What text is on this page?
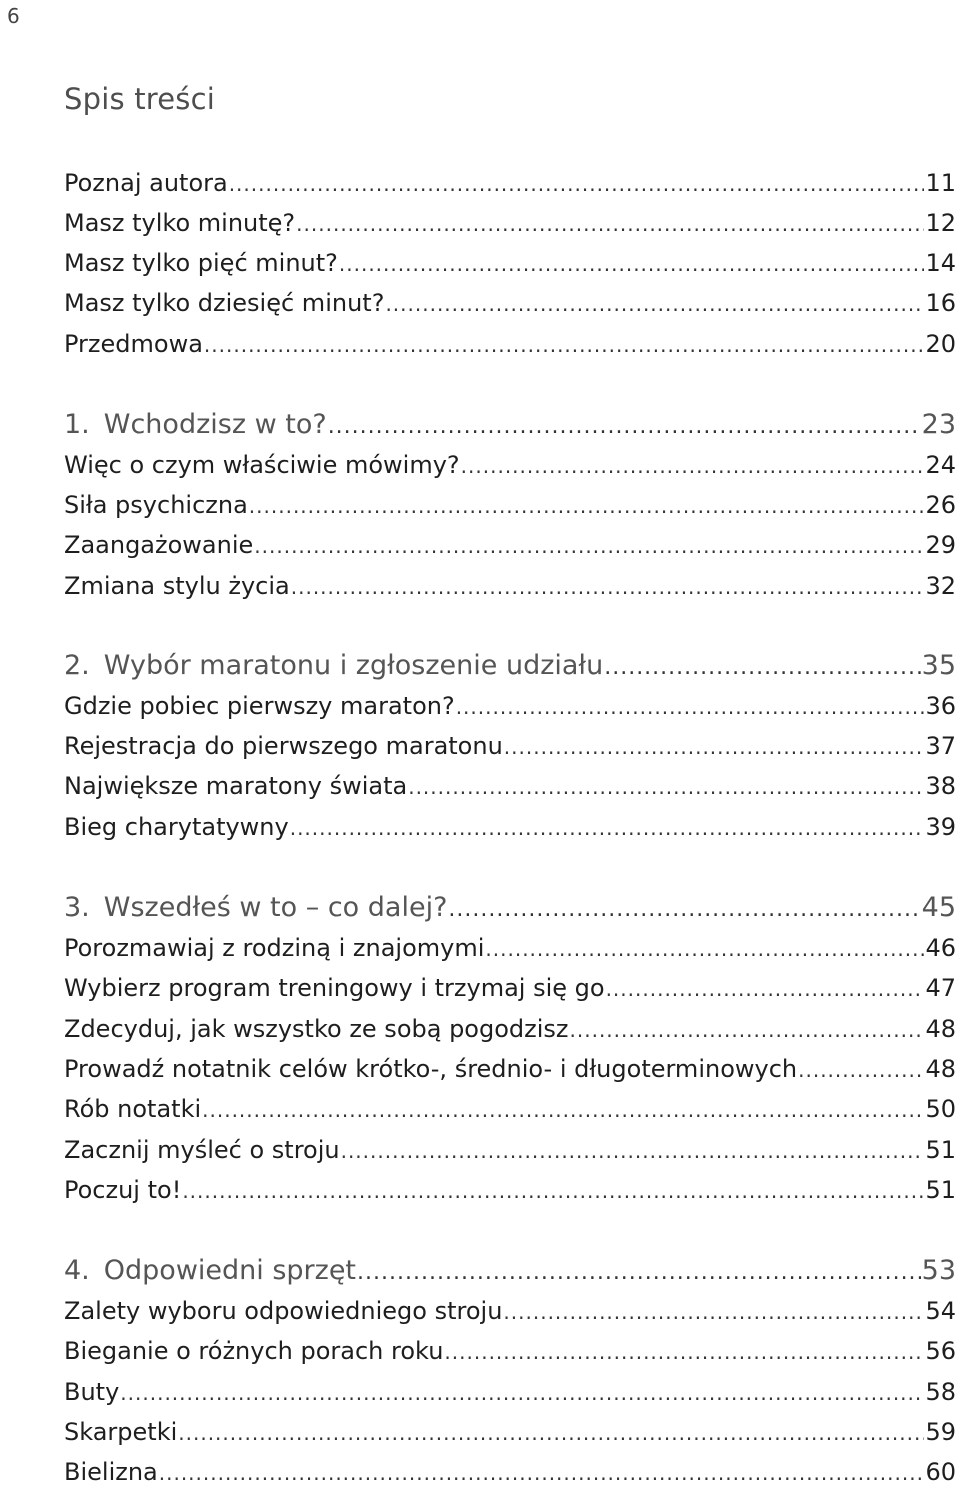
6
Spis treści
Poznaj autora .....	11
Masz tylko minutę? .....	12
Masz tylko pięć minut? .....	14
Masz tylko dziesięć minut? .....	16
Przedmowa .....	20
1. Wchodzisz w to? .....	23
Więc o czym właściwie mówimy? .....	24
Siła psychiczna .....	26
Zaangażowanie .....	29
Zmiana stylu życia .....	32
2. Wybór maratonu i zgłoszenie udziału .....	35
Gdzie pobiec pierwszy maraton? .....	36
Rejestracja do pierwszego maratonu .....	37
Największe maratony świata .....	38
Bieg charytatywny .....	39
3. Wszedłeś w to – co dalej? .....	45
Porozmawiaj z rodziną i znajomymi .....	46
Wybierz program treningowy i trzymaj się go .....	47
Zdecyduj, jak wszystko ze sobą pogodzisz .....	48
Prowadź notatnik celów krótko-, średnio- i długoterminowych .....	48
Rób notatki .....	50
Zacznij myśleć o stroju .....	51
Poczuj to! .....	51
4. Odpowiedni sprzęt .....	53
Zalety wyboru odpowiedniego stroju .....	54
Bieganie o różnych porach roku .....	56
Buty .....	58
Skarpetki .....	59
Bielizna .....	60
